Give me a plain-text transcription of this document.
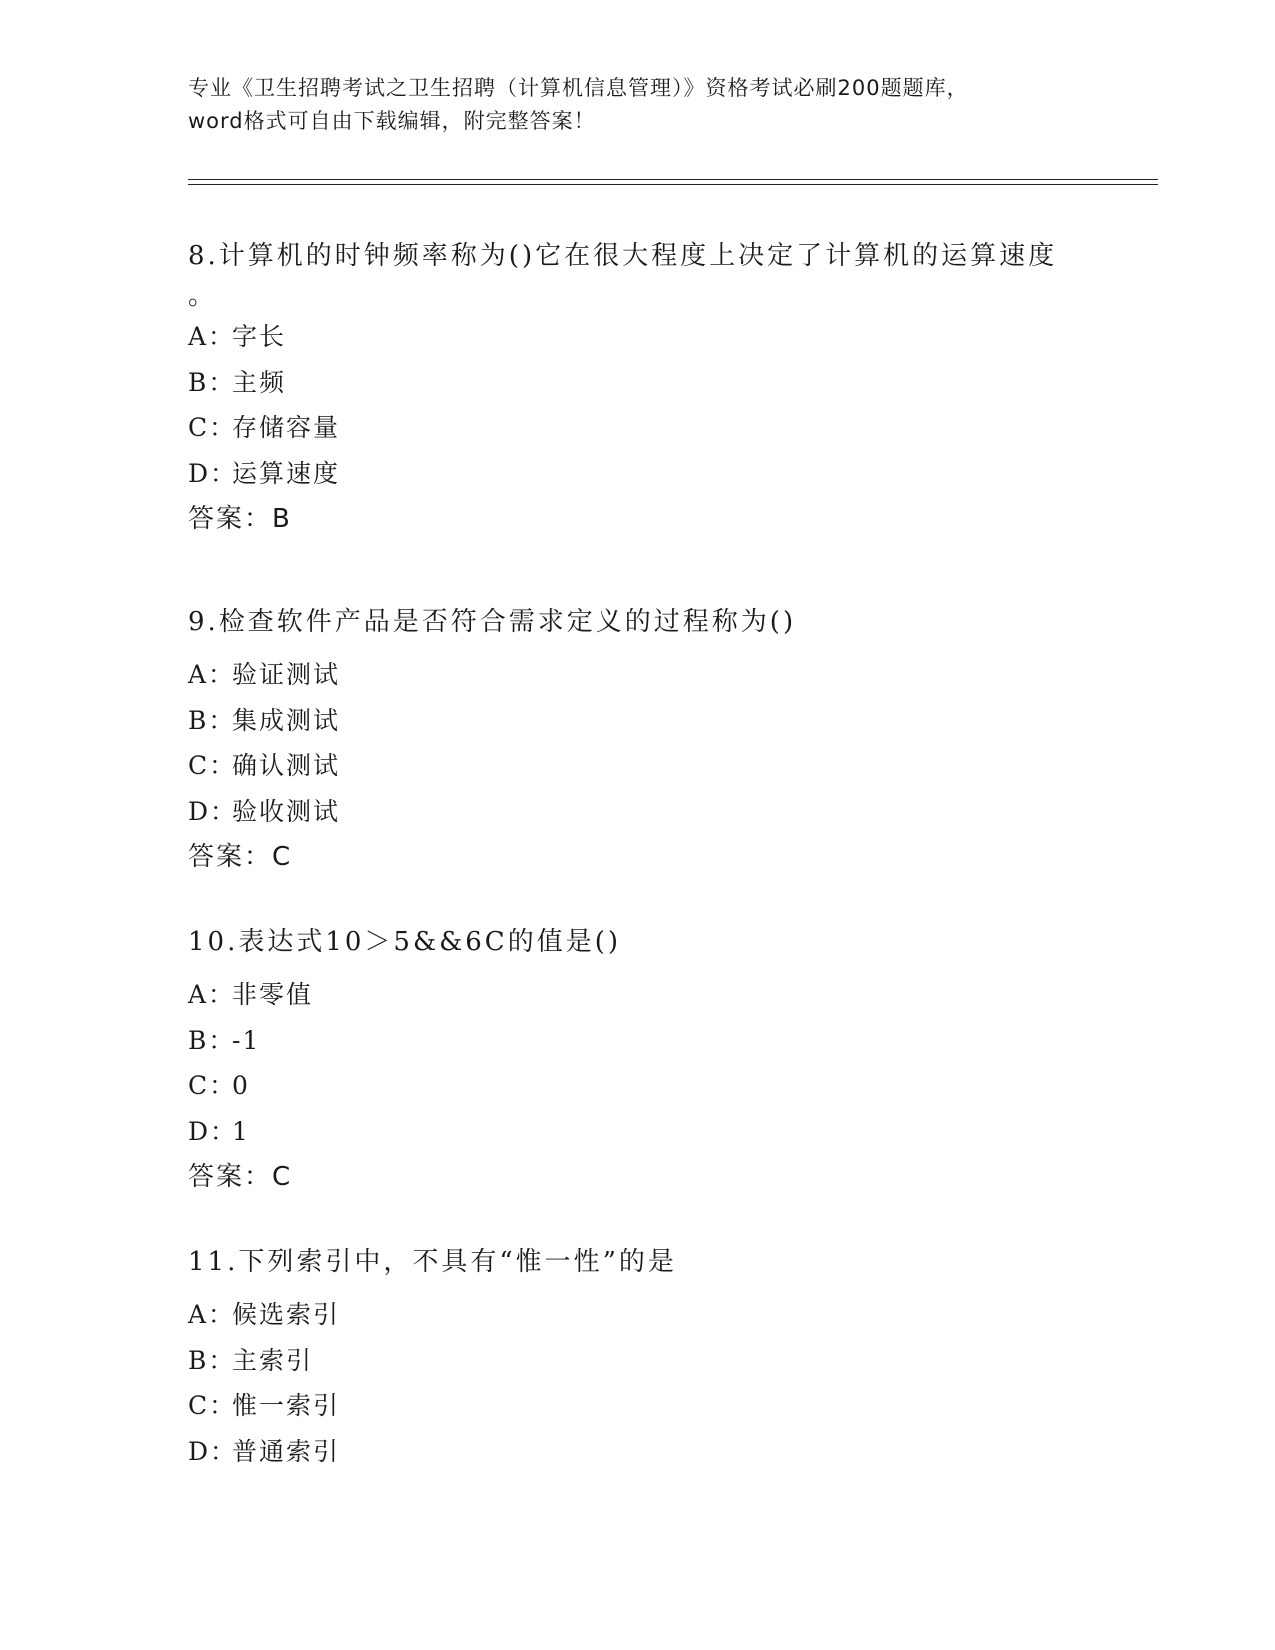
专业《卫生招聘考试之卫生招聘（计算机信息管理）》资格考试必刷200题题库，
word格式可自由下载编辑，附完整答案！
8.计算机的时钟频率称为()它在很大程度上决定了计算机的运算速度
。
A：字长
B：主频
C：存储容量
D：运算速度
答案：B
9.检查软件产品是否符合需求定义的过程称为()
A：验证测试
B：集成测试
C：确认测试
D：验收测试
答案：C
10.表达式10＞5&&6C的值是()
A：非零值
B：-1
C：0
D：1
答案：C
11.下列索引中，不具有“惟一性”的是
A：候选索引
B：主索引
C：惟一索引
D：普通索引
